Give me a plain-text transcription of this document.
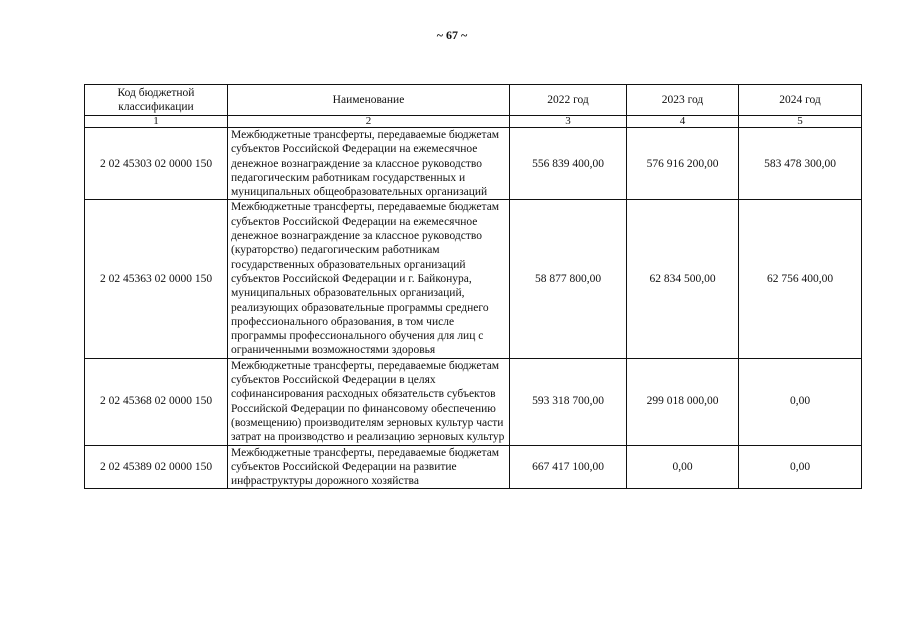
~ 67 ~
Код бюджетной классификации	Наименование	2022 год	2023 год	2024 год
1	2	3	4	5
2 02 45303 02 0000 150	Межбюджетные трансферты, передаваемые бюджетам субъектов Российской Федерации на ежемесячное денежное вознаграждение за классное руководство педагогическим работникам государственных и муниципальных общеобразовательных организаций	556 839 400,00	576 916 200,00	583 478 300,00
2 02 45363 02 0000 150	Межбюджетные трансферты, передаваемые бюджетам субъектов Российской Федерации на ежемесячное денежное вознаграждение за классное руководство (кураторство) педагогическим работникам государственных образовательных организаций субъектов Российской Федерации и г. Байконура, муниципальных образовательных организаций, реализующих образовательные программы среднего профессионального образования, в том числе программы профессионального обучения для лиц с ограниченными возможностями здоровья	58 877 800,00	62 834 500,00	62 756 400,00
2 02 45368 02 0000 150	Межбюджетные трансферты, передаваемые бюджетам субъектов Российской Федерации в целях софинансирования расходных обязательств субъектов Российской Федерации по финансовому обеспечению (возмещению) производителям зерновых культур части затрат на производство и реализацию зерновых культур	593 318 700,00	299 018 000,00	0,00
2 02 45389 02 0000 150	Межбюджетные трансферты, передаваемые бюджетам субъектов Российской Федерации на развитие инфраструктуры дорожного хозяйства	667 417 100,00	0,00	0,00
